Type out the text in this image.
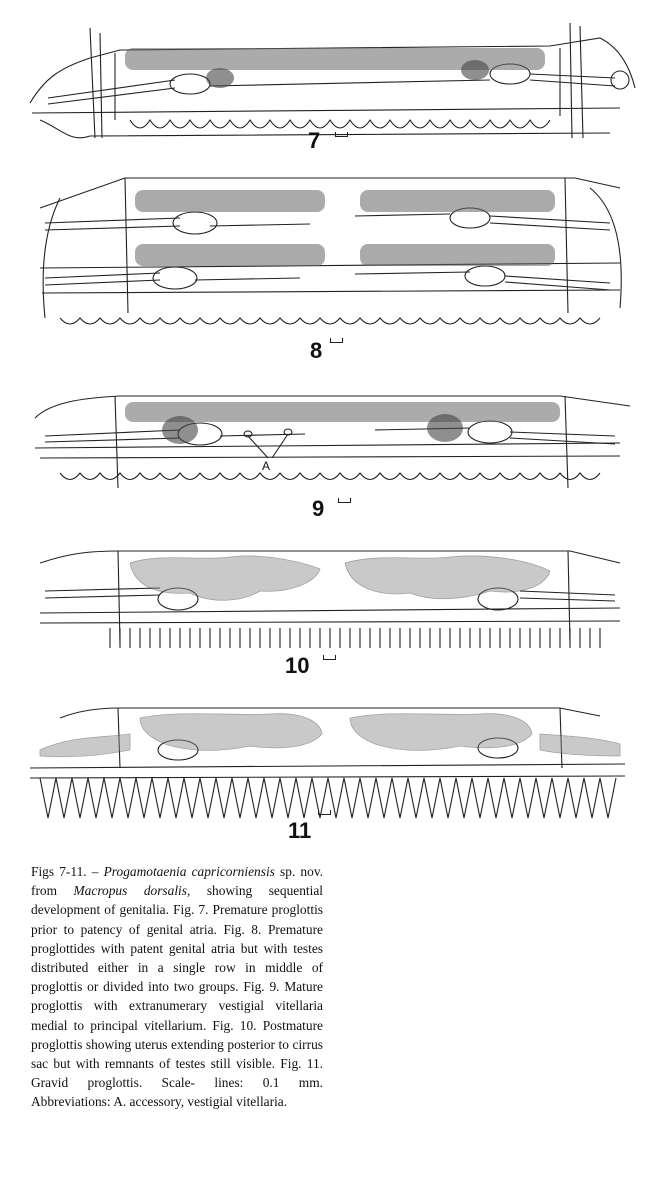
7
8
A
9
10
11

Figs 7-11. – Progamotaenia capricorniensis sp. nov. from Macropus dorsalis, showing sequential development of genitalia. Fig. 7. Premature proglottis prior to patency of genital atria. Fig. 8. Premature proglottides with patent genital atria but with testes distributed either in a single row in middle of proglottis or divided into two groups. Fig. 9. Mature proglottis with extranumerary vestigial vitellaria medial to principal vitellarium. Fig. 10. Postmature proglottis showing uterus extending posterior to cirrus sac but with remnants of testes still visible. Fig. 11. Gravid proglottis. Scale- lines: 0.1 mm. Abbreviations: A. accessory, vestigial vitellaria.
